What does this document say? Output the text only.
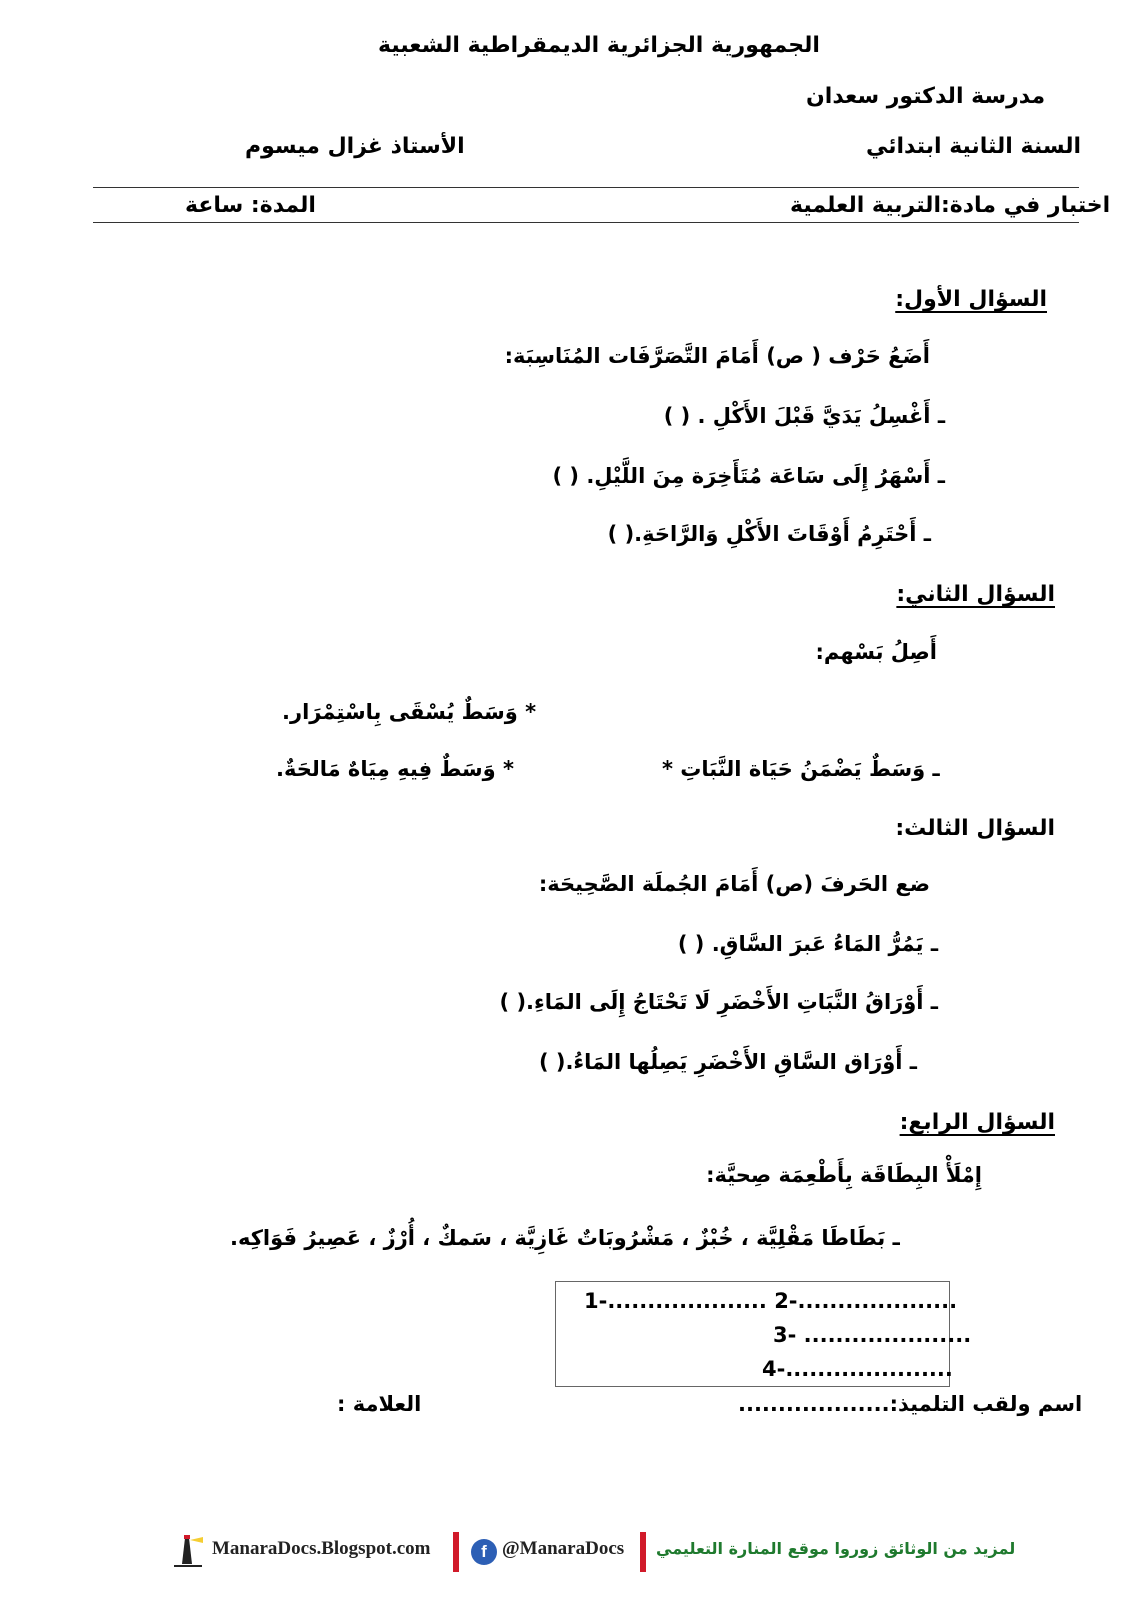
الجمهورية الجزائرية الديمقراطية الشعبية
مدرسة الدكتور سعدان
السنة الثانية ابتدائي
الأستاذ غزال ميسوم
اختبار في مادة:التربية العلمية
المدة: ساعة
السؤال الأول:
أَضَعُ حَرْف ( ص) أَمَامَ التَّصَرَّفَات المُنَاسِبَة:
ـ أَغْسِلُ يَدَيَّ قَبْلَ الأَكْلِ . ( )
ـ أَسْهَرُ إِلَى سَاعَة مُتَأَخِرَة مِنَ اللَّيْلِ. ( )
ـ أَحْتَرِمُ أَوْقَاتَ الأَكْلِ وَالرَّاحَةِ.( )
السؤال الثاني:
أَصِلُ بَسْهم:
* وَسَطٌ يُسْقَى بِاسْتِمْرَار.
ـ وَسَطٌ يَضْمَنُ حَيَاة النَّبَاتِ *
* وَسَطٌ فِيهِ مِيَاهٌ مَالحَةٌ.
السؤال الثالث:
ضع الحَرفَ (ص) أَمَامَ الجُملَة الصَّحِيحَة:
ـ يَمُرُّ المَاءُ عَبرَ السَّاقِ. ( )
ـ أَوْرَاقُ النَّبَاتِ الأَخْضَرِ لَا تَحْتَاجُ إِلَى المَاءِ.( )
ـ أَوْرَاق السَّاقِ الأَخْضَرِ يَصِلُها المَاءُ.( )
السؤال الرابع:
إِمْلَأْ البِطَاقَة بِأَطْعِمَة صِحيَّة:
ـ بَطَاطَا مَقْلِيَّة ، خُبْزٌ ، مَشْرُوبَاتٌ غَازِيَّة ، سَمكٌ ، أُرْزٌ ، عَصِيرُ فَوَاكِه.
1-.................... 2-....................
3- .....................
4-.....................
اسم ولقب التلميذ:...................
العلامة :
ManaraDocs.Blogspot.com	f @ManaraDocs لمزيد من الوثائق زوروا موقع المنارة التعليمي
